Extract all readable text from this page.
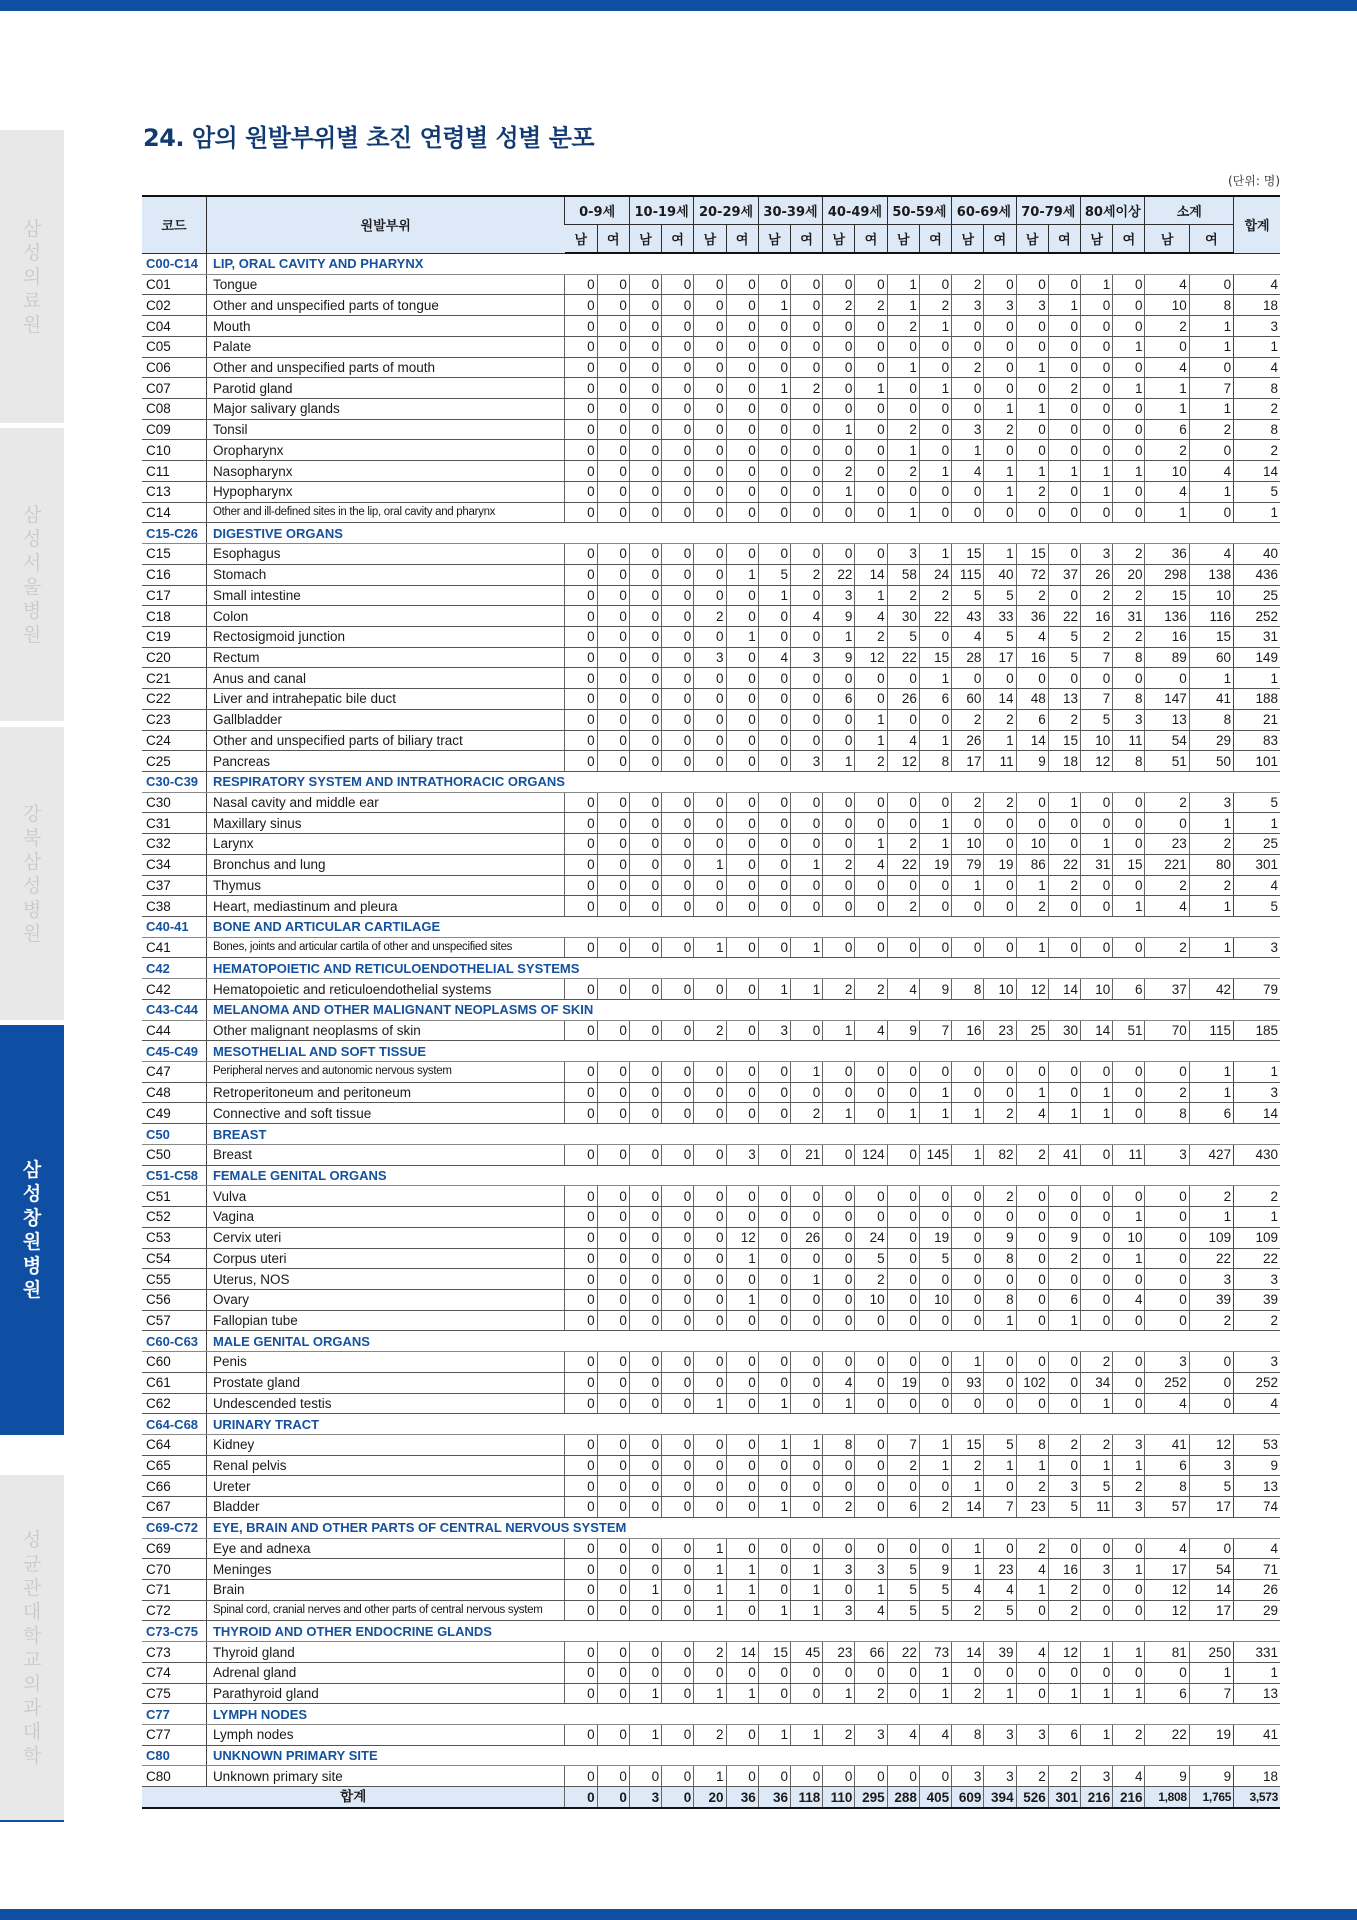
24. 암의 원발부위별 초진 연령별 성별 분포
(단위: 명)
코드	원발부위	0-9세		10-19세		20-29세		30-39세		40-49세		50-59세		60-69세		70-79세		80세이상		소계		합계
		남	여	남	여	남	여	남	여	남	여	남	여	남	여	남	여	남	여	남	여	
C00-C14	LIP, ORAL CAVITY AND PHARYNX																					
C01	Tongue	0	0	0	0	0	0	0	0	0	0	1	0	2	0	0	0	1	0	4	0	4
C02	Other and unspecified parts of tongue	0	0	0	0	0	0	1	0	2	2	1	2	3	3	3	1	0	0	10	8	18
C04	Mouth	0	0	0	0	0	0	0	0	0	0	2	1	0	0	0	0	0	0	2	1	3
C05	Palate	0	0	0	0	0	0	0	0	0	0	0	0	0	0	0	0	0	1	0	1	1
C06	Other and unspecified parts of mouth	0	0	0	0	0	0	0	0	0	0	1	0	2	0	1	0	0	0	4	0	4
C07	Parotid gland	0	0	0	0	0	0	1	2	0	1	0	1	0	0	0	2	0	1	1	7	8
C08	Major salivary glands	0	0	0	0	0	0	0	0	0	0	0	0	0	1	1	0	0	0	1	1	2
C09	Tonsil	0	0	0	0	0	0	0	0	1	0	2	0	3	2	0	0	0	0	6	2	8
C10	Oropharynx	0	0	0	0	0	0	0	0	0	0	1	0	1	0	0	0	0	0	2	0	2
C11	Nasopharynx	0	0	0	0	0	0	0	0	2	0	2	1	4	1	1	1	1	1	10	4	14
C13	Hypopharynx	0	0	0	0	0	0	0	0	1	0	0	0	0	1	2	0	1	0	4	1	5
C14	Other and ill-defined sites in the lip, oral cavity and pharynx	0	0	0	0	0	0	0	0	0	0	1	0	0	0	0	0	0	0	1	0	1
C15-C26	DIGESTIVE ORGANS																					
C15	Esophagus	0	0	0	0	0	0	0	0	0	0	3	1	15	1	15	0	3	2	36	4	40
C16	Stomach	0	0	0	0	0	1	5	2	22	14	58	24	115	40	72	37	26	20	298	138	436
C17	Small intestine	0	0	0	0	0	0	1	0	3	1	2	2	5	5	2	0	2	2	15	10	25
C18	Colon	0	0	0	0	2	0	0	4	9	4	30	22	43	33	36	22	16	31	136	116	252
C19	Rectosigmoid junction	0	0	0	0	0	1	0	0	1	2	5	0	4	5	4	5	2	2	16	15	31
C20	Rectum	0	0	0	0	3	0	4	3	9	12	22	15	28	17	16	5	7	8	89	60	149
C21	Anus and canal	0	0	0	0	0	0	0	0	0	0	0	1	0	0	0	0	0	0	0	1	1
C22	Liver and intrahepatic bile duct	0	0	0	0	0	0	0	0	6	0	26	6	60	14	48	13	7	8	147	41	188
C23	Gallbladder	0	0	0	0	0	0	0	0	0	1	0	0	2	2	6	2	5	3	13	8	21
C24	Other and unspecified parts of biliary tract	0	0	0	0	0	0	0	0	0	1	4	1	26	1	14	15	10	11	54	29	83
C25	Pancreas	0	0	0	0	0	0	0	3	1	2	12	8	17	11	9	18	12	8	51	50	101
C30-C39	RESPIRATORY SYSTEM AND INTRATHORACIC ORGANS																					
C30	Nasal cavity and middle ear	0	0	0	0	0	0	0	0	0	0	0	0	2	2	0	1	0	0	2	3	5
C31	Maxillary sinus	0	0	0	0	0	0	0	0	0	0	0	1	0	0	0	0	0	0	0	1	1
C32	Larynx	0	0	0	0	0	0	0	0	0	1	2	1	10	0	10	0	1	0	23	2	25
C34	Bronchus and lung	0	0	0	0	1	0	0	1	2	4	22	19	79	19	86	22	31	15	221	80	301
C37	Thymus	0	0	0	0	0	0	0	0	0	0	0	0	1	0	1	2	0	0	2	2	4
C38	Heart, mediastinum and pleura	0	0	0	0	0	0	0	0	0	0	2	0	0	0	2	0	0	1	4	1	5
C40-41	BONE AND ARTICULAR CARTILAGE																					
C41	Bones, joints and articular cartila of other and unspecified sites	0	0	0	0	1	0	0	1	0	0	0	0	0	0	1	0	0	0	2	1	3
C42	HEMATOPOIETIC AND RETICULOENDOTHELIAL SYSTEMS																					
C42	Hematopoietic and reticuloendothelial systems	0	0	0	0	0	0	1	1	2	2	4	9	8	10	12	14	10	6	37	42	79
C43-C44	MELANOMA AND OTHER MALIGNANT NEOPLASMS OF SKIN																					
C44	Other malignant neoplasms of skin	0	0	0	0	2	0	3	0	1	4	9	7	16	23	25	30	14	51	70	115	185
C45-C49	MESOTHELIAL AND SOFT TISSUE																					
C47	Peripheral nerves and autonomic nervous system	0	0	0	0	0	0	0	1	0	0	0	0	0	0	0	0	0	0	0	1	1
C48	Retroperitoneum and peritoneum	0	0	0	0	0	0	0	0	0	0	0	1	0	0	1	0	1	0	2	1	3
C49	Connective and soft tissue	0	0	0	0	0	0	0	2	1	0	1	1	1	2	4	1	1	0	8	6	14
C50	BREAST																					
C50	Breast	0	0	0	0	0	3	0	21	0	124	0	145	1	82	2	41	0	11	3	427	430
C51-C58	FEMALE GENITAL ORGANS																					
C51	Vulva	0	0	0	0	0	0	0	0	0	0	0	0	0	2	0	0	0	0	0	2	2
C52	Vagina	0	0	0	0	0	0	0	0	0	0	0	0	0	0	0	0	0	1	0	1	1
C53	Cervix uteri	0	0	0	0	0	12	0	26	0	24	0	19	0	9	0	9	0	10	0	109	109
C54	Corpus uteri	0	0	0	0	0	1	0	0	0	5	0	5	0	8	0	2	0	1	0	22	22
C55	Uterus, NOS	0	0	0	0	0	0	0	1	0	2	0	0	0	0	0	0	0	0	0	3	3
C56	Ovary	0	0	0	0	0	1	0	0	0	10	0	10	0	8	0	6	0	4	0	39	39
C57	Fallopian tube	0	0	0	0	0	0	0	0	0	0	0	0	0	1	0	1	0	0	0	2	2
C60-C63	MALE GENITAL ORGANS																					
C60	Penis	0	0	0	0	0	0	0	0	0	0	0	0	1	0	0	0	2	0	3	0	3
C61	Prostate gland	0	0	0	0	0	0	0	0	4	0	19	0	93	0	102	0	34	0	252	0	252
C62	Undescended testis	0	0	0	0	1	0	1	0	1	0	0	0	0	0	0	0	1	0	4	0	4
C64-C68	URINARY TRACT																					
C64	Kidney	0	0	0	0	0	0	1	1	8	0	7	1	15	5	8	2	2	3	41	12	53
C65	Renal pelvis	0	0	0	0	0	0	0	0	0	0	2	1	2	1	1	0	1	1	6	3	9
C66	Ureter	0	0	0	0	0	0	0	0	0	0	0	0	1	0	2	3	5	2	8	5	13
C67	Bladder	0	0	0	0	0	0	1	0	2	0	6	2	14	7	23	5	11	3	57	17	74
C69-C72	EYE, BRAIN AND OTHER PARTS OF CENTRAL NERVOUS SYSTEM																					
C69	Eye and adnexa	0	0	0	0	1	0	0	0	0	0	0	0	1	0	2	0	0	0	4	0	4
C70	Meninges	0	0	0	0	1	1	0	1	3	3	5	9	1	23	4	16	3	1	17	54	71
C71	Brain	0	0	1	0	1	1	0	1	0	1	5	5	4	4	1	2	0	0	12	14	26
C72	Spinal cord, cranial nerves and other parts of central nervous system	0	0	0	0	1	0	1	1	3	4	5	5	2	5	0	2	0	0	12	17	29
C73-C75	THYROID AND OTHER ENDOCRINE GLANDS																					
C73	Thyroid gland	0	0	0	0	2	14	15	45	23	66	22	73	14	39	4	12	1	1	81	250	331
C74	Adrenal gland	0	0	0	0	0	0	0	0	0	0	0	1	0	0	0	0	0	0	0	1	1
C75	Parathyroid gland	0	0	1	0	1	1	0	0	1	2	0	1	2	1	0	1	1	1	6	7	13
C77	LYMPH NODES																					
C77	Lymph nodes	0	0	1	0	2	0	1	1	2	3	4	4	8	3	3	6	1	2	22	19	41
C80	UNKNOWN PRIMARY SITE																					
C80	Unknown primary site	0	0	0	0	1	0	0	0	0	0	0	0	3	3	2	2	3	4	9	9	18
합계		0	0	3	0	20	36	36	118	110	295	288	405	609	394	526	301	216	216	1,808	1,765	3,573
삼
성
의
료
원
삼
성
서
울
병
원
강
북
삼
성
병
원
삼
성
창
원
병
원
성
균
관
대
학
교
의
과
대
학
